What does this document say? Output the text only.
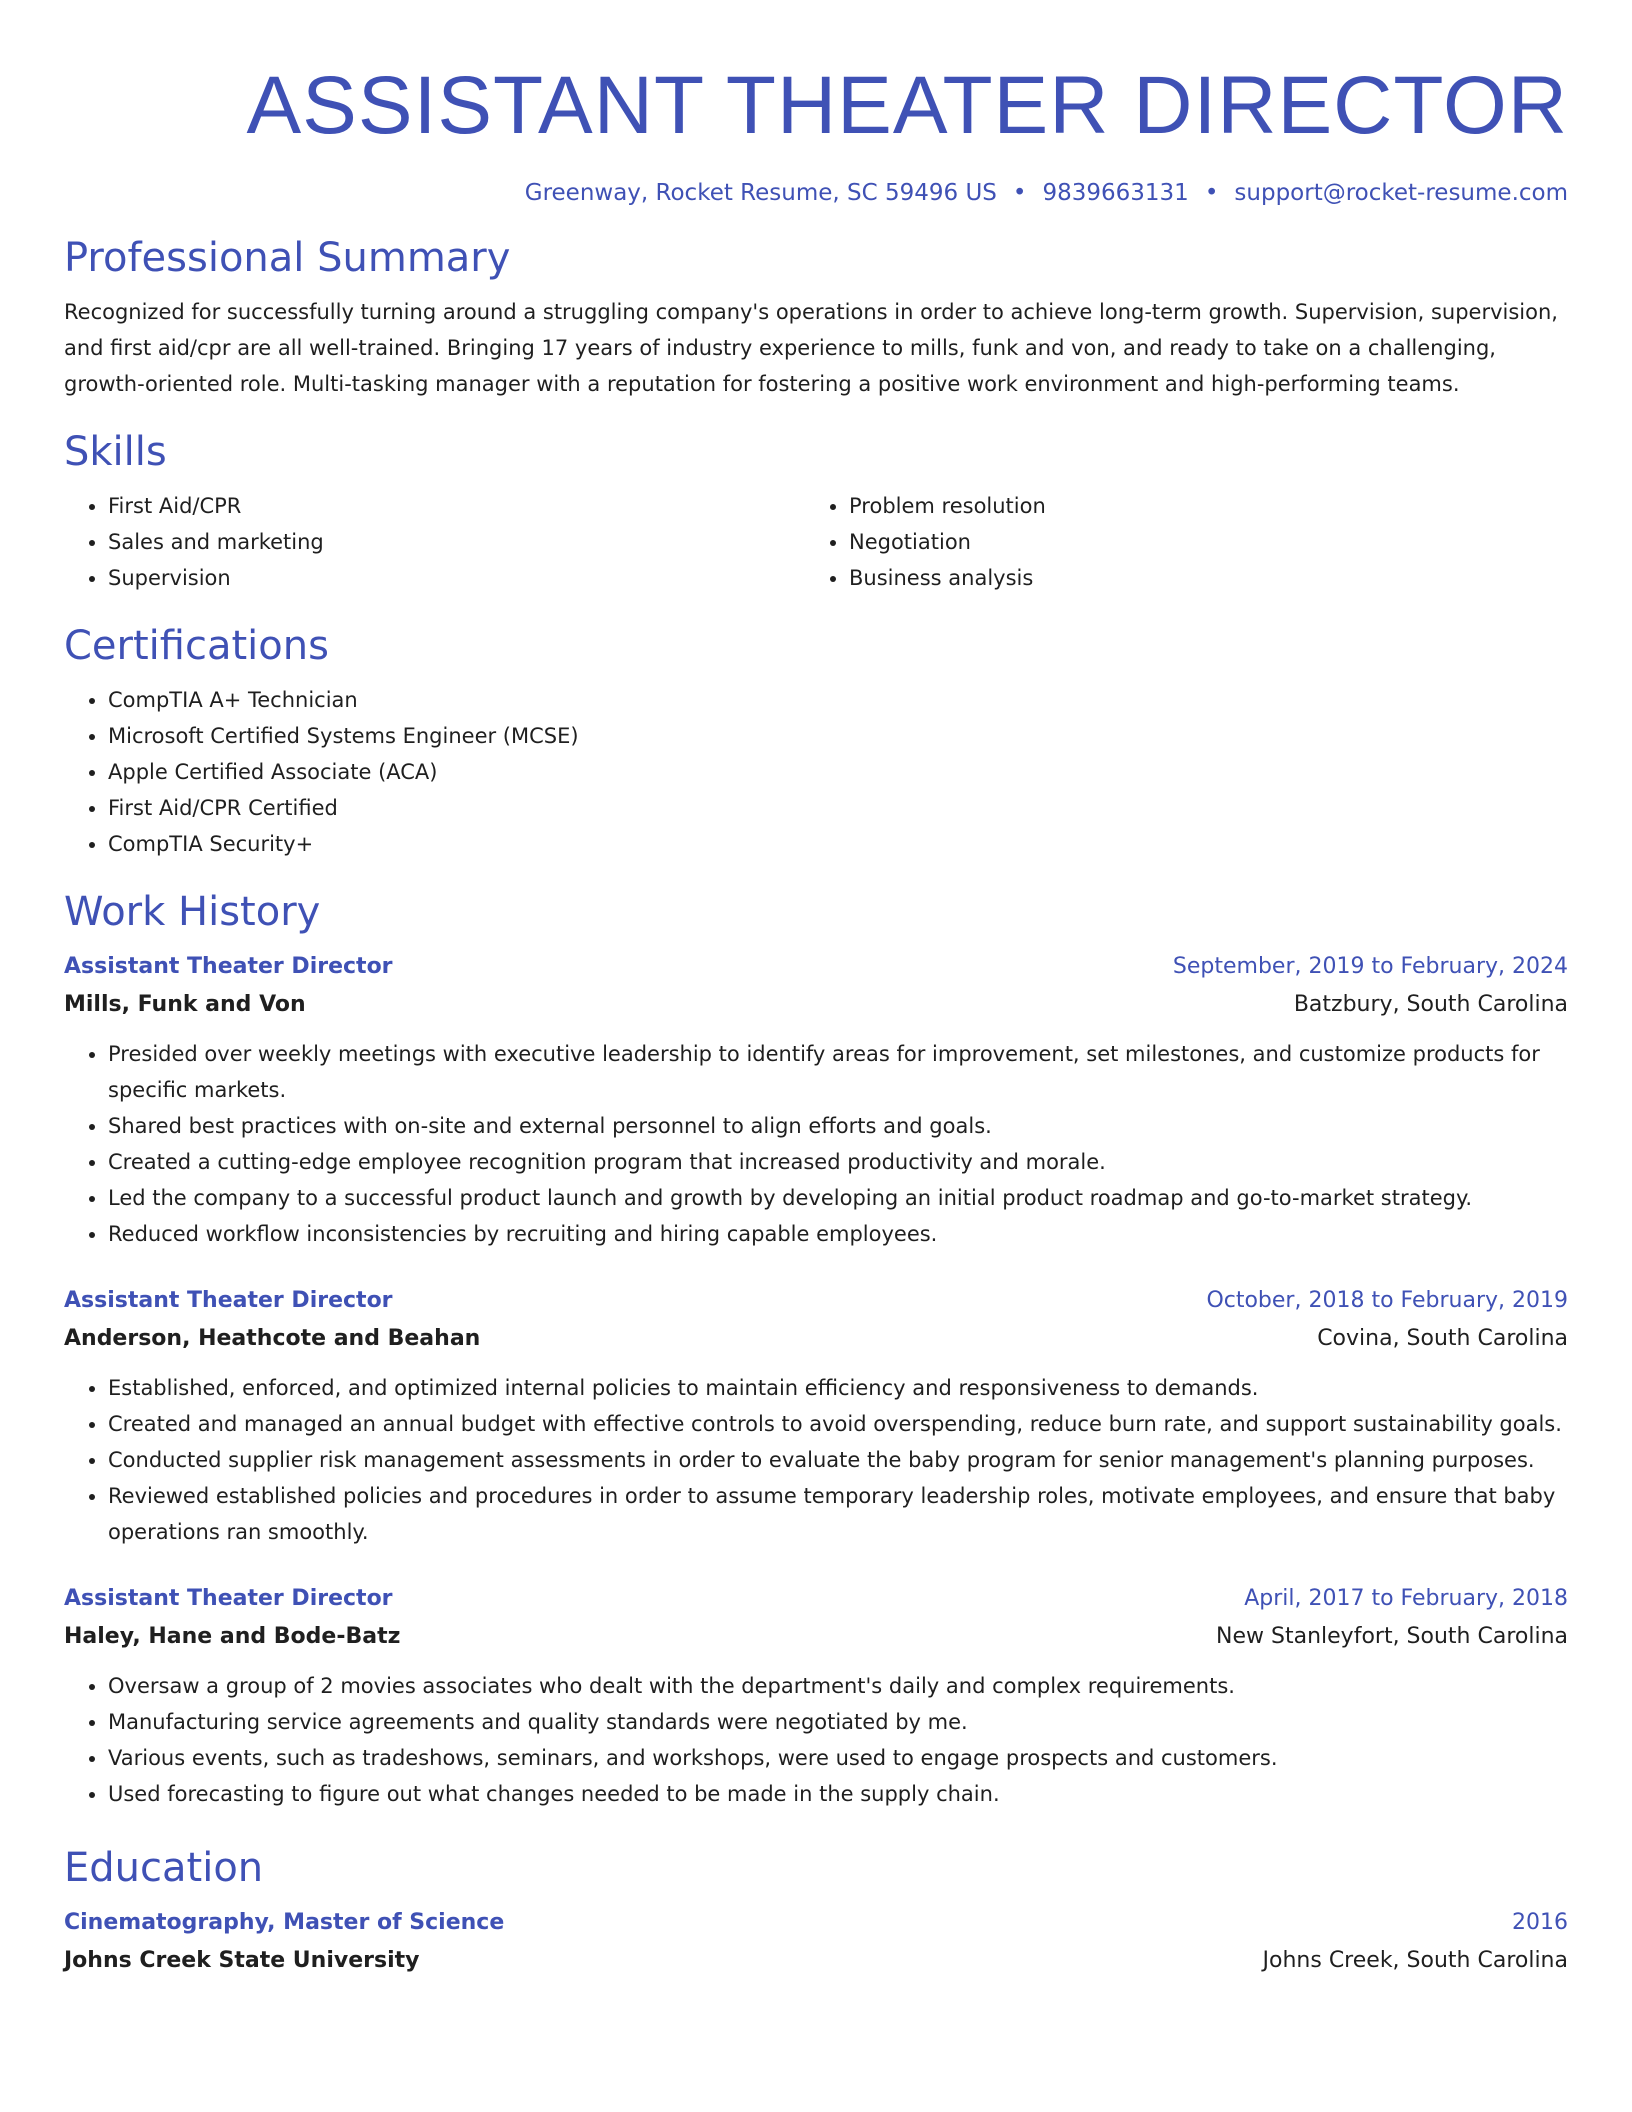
ASSISTANT THEATER DIRECTOR
Greenway, Rocket Resume, SC 59496 US • 9839663131 • support@rocket-resume.com
Professional Summary

Recognized for successfully turning around a struggling company's operations in order to achieve long-term growth. Supervision, supervision, and first aid/cpr are all well-trained. Bringing 17 years of industry experience to mills, funk and von, and ready to take on a challenging, growth-oriented role. Multi-tasking manager with a reputation for fostering a positive work environment and high-performing teams.

Skills
• First Aid/CPR
• Sales and marketing
• Supervision
• Problem resolution
• Negotiation
• Business analysis
Certifications
• CompTIA A+ Technician
• Microsoft Certified Systems Engineer (MCSE)
• Apple Certified Associate (ACA)
• First Aid/CPR Certified
• CompTIA Security+
Work History
Assistant Theater Director	September, 2019 to February, 2024
Mills, Funk and Von	Batzbury, South Carolina
• Presided over weekly meetings with executive leadership to identify areas for improvement, set milestones, and customize products for specific markets.
• Shared best practices with on-site and external personnel to align efforts and goals.
• Created a cutting-edge employee recognition program that increased productivity and morale.
• Led the company to a successful product launch and growth by developing an initial product roadmap and go-to-market strategy.
• Reduced workflow inconsistencies by recruiting and hiring capable employees.
Assistant Theater Director	October, 2018 to February, 2019
Anderson, Heathcote and Beahan	Covina, South Carolina
• Established, enforced, and optimized internal policies to maintain efficiency and responsiveness to demands.
• Created and managed an annual budget with effective controls to avoid overspending, reduce burn rate, and support sustainability goals.
• Conducted supplier risk management assessments in order to evaluate the baby program for senior management's planning purposes.
• Reviewed established policies and procedures in order to assume temporary leadership roles, motivate employees, and ensure that baby operations ran smoothly.
Assistant Theater Director	April, 2017 to February, 2018
Haley, Hane and Bode-Batz	New Stanleyfort, South Carolina
• Oversaw a group of 2 movies associates who dealt with the department's daily and complex requirements.
• Manufacturing service agreements and quality standards were negotiated by me.
• Various events, such as tradeshows, seminars, and workshops, were used to engage prospects and customers.
• Used forecasting to figure out what changes needed to be made in the supply chain.
Education
Cinematography, Master of Science	2016
Johns Creek State University	Johns Creek, South Carolina
